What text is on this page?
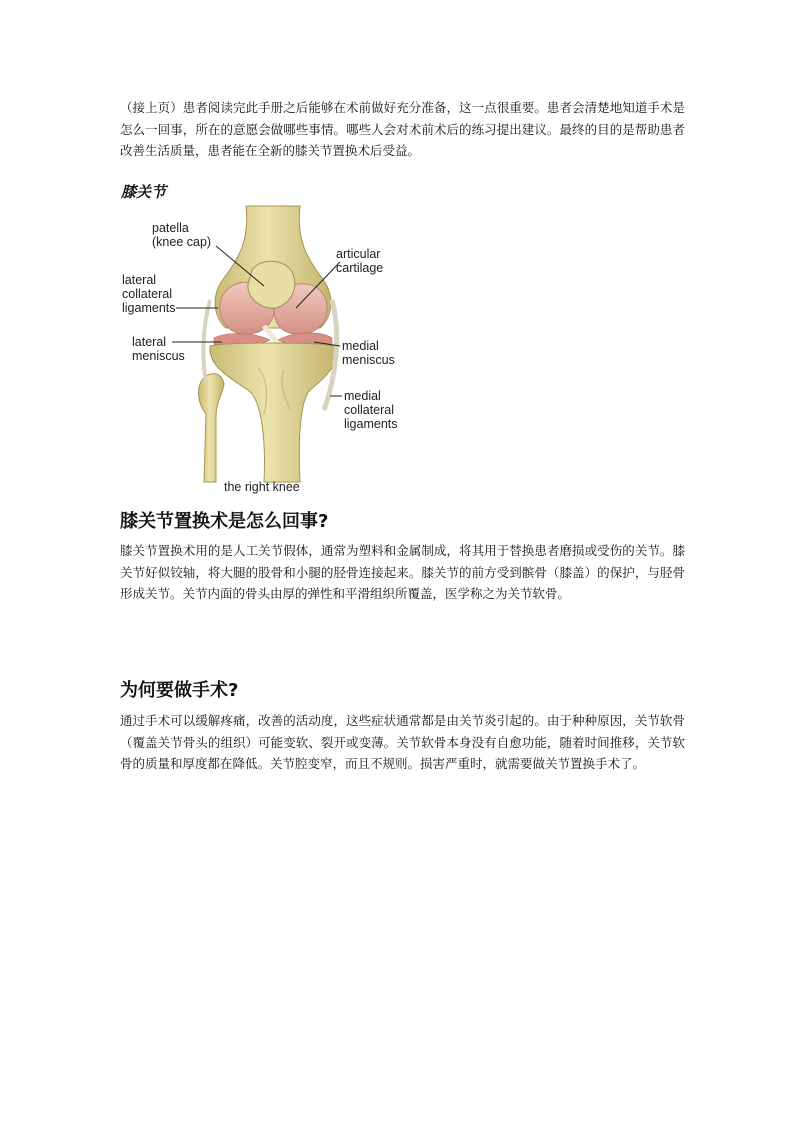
（接上页）患者阅读完此手册之后能够在术前做好充分准备，这一点很重要。患者会清楚地知道手术是怎么一回事，所在的意愿会做哪些事情。哪些人会对术前术后的练习提出建议。最终的目的是帮助患者改善生活质量，患者能在全新的膝关节置换术后受益。

膝关节
patella
(knee cap)
articular
cartilage
lateral
collateral
ligaments
lateral
meniscus
medial
meniscus
medial
collateral
ligaments
the right knee
膝关节置换术是怎么回事?

膝关节置换术用的是人工关节假体，通常为塑料和金属制成，将其用于替换患者磨损或受伤的关节。膝关节好似铰轴，将大腿的股骨和小腿的胫骨连接起来。膝关节的前方受到髌骨（膝盖）的保护，与胫骨形成关节。关节内面的骨头由厚的弹性和平滑组织所覆盖，医学称之为关节软骨。

为何要做手术?

通过手术可以缓解疼痛，改善的活动度，这些症状通常都是由关节炎引起的。由于种种原因，关节软骨（覆盖关节骨头的组织）可能变软、裂开或变薄。关节软骨本身没有自愈功能，随着时间推移，关节软骨的质量和厚度都在降低。关节腔变窄，而且不规则。损害严重时，就需要做关节置换手术了。
